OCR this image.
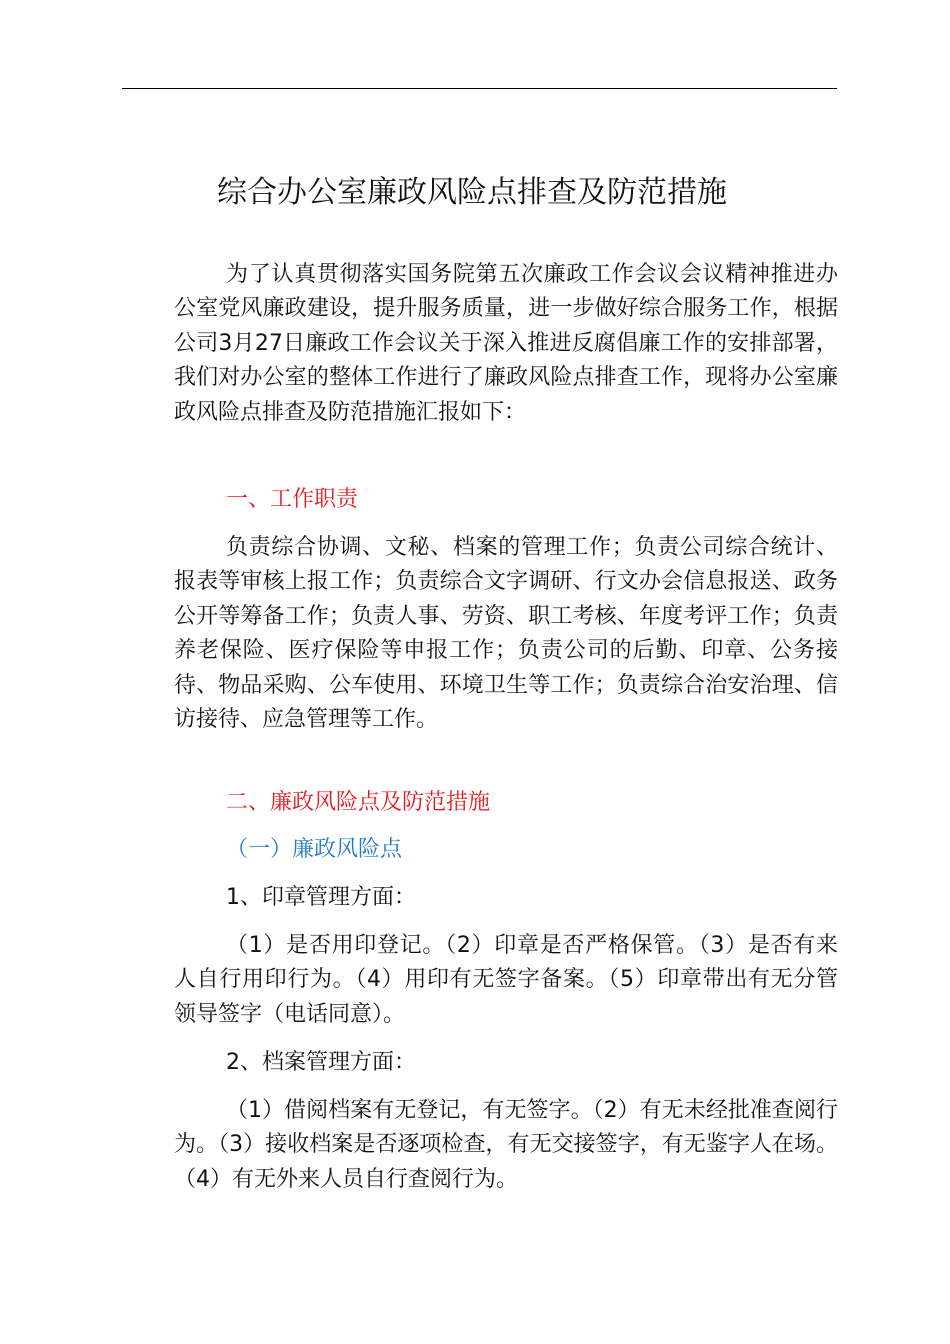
综合办公室廉政风险点排查及防范措施

为了认真贯彻落实国务院第五次廉政工作会议会议精神推进办公室党风廉政建设，提升服务质量，进一步做好综合服务工作，根据公司3月27日廉政工作会议关于深入推进反腐倡廉工作的安排部署，我们对办公室的整体工作进行了廉政风险点排查工作，现将办公室廉政风险点排查及防范措施汇报如下：

一、工作职责

负责综合协调、文秘、档案的管理工作；负责公司综合统计、报表等审核上报工作；负责综合文字调研、行文办会信息报送、政务公开等筹备工作；负责人事、劳资、职工考核、年度考评工作；负责养老保险、医疗保险等申报工作；负责公司的后勤、印章、公务接待、物品采购、公车使用、环境卫生等工作；负责综合治安治理、信访接待、应急管理等工作。

二、廉政风险点及防范措施
（一）廉政风险点
1、印章管理方面：

（1）是否用印登记。（2）印章是否严格保管。（3）是否有来人自行用印行为。（4）用印有无签字备案。（5）印章带出有无分管领导签字（电话同意）。

2、档案管理方面：

（1）借阅档案有无登记，有无签字。（2）有无未经批准查阅行为。（3）接收档案是否逐项检查，有无交接签字，有无鉴字人在场。（4）有无外来人员自行查阅行为。
